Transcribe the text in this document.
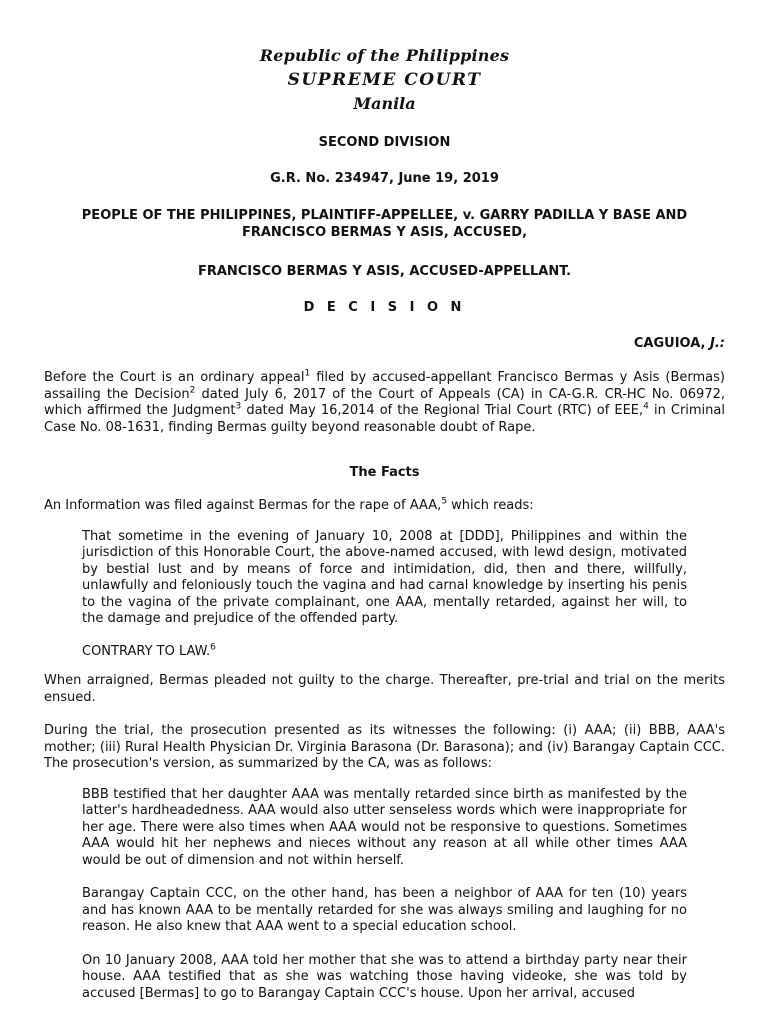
Republic of the Philippines
SUPREME COURT
Manila
SECOND DIVISION
G.R. No. 234947, June 19, 2019
PEOPLE OF THE PHILIPPINES, PLAINTIFF-APPELLEE, v. GARRY PADILLA Y BASE AND FRANCISCO BERMAS Y ASIS, ACCUSED,
FRANCISCO BERMAS Y ASIS, ACCUSED-APPELLANT.
D E C I S I O N
CAGUIOA, J.:

Before the Court is an ordinary appeal$^1$ filed by accused-appellant Francisco Bermas y Asis (Bermas) assailing the Decision$^2$ dated July 6, 2017 of the Court of Appeals (CA) in CA-G.R. CR-HC No. 06972, which affirmed the Judgment$^3$ dated May 16,2014 of the Regional Trial Court (RTC) of EEE,$^4$ in Criminal Case No. 08-1631, finding Bermas guilty beyond reasonable doubt of Rape.

The Facts

An Information was filed against Bermas for the rape of AAA,$^5$ which reads:

That sometime in the evening of January 10, 2008 at [DDD], Philippines and within the jurisdiction of this Honorable Court, the above-named accused, with lewd design, motivated by bestial lust and by means of force and intimidation, did, then and there, willfully, unlawfully and feloniously touch the vagina and had carnal knowledge by inserting his penis to the vagina of the private complainant, one AAA, mentally retarded, against her will, to the damage and prejudice of the offended party.

CONTRARY TO LAW.$^6$

When arraigned, Bermas pleaded not guilty to the charge. Thereafter, pre-trial and trial on the merits ensued.

During the trial, the prosecution presented as its witnesses the following: (i) AAA; (ii) BBB, AAA's mother; (iii) Rural Health Physician Dr. Virginia Barasona (Dr. Barasona); and (iv) Barangay Captain CCC. The prosecution's version, as summarized by the CA, was as follows:

BBB testified that her daughter AAA was mentally retarded since birth as manifested by the latter's hardheadedness. AAA would also utter senseless words which were inappropriate for her age. There were also times when AAA would not be responsive to questions. Sometimes AAA would hit her nephews and nieces without any reason at all while other times AAA would be out of dimension and not within herself.

Barangay Captain CCC, on the other hand, has been a neighbor of AAA for ten (10) years and has known AAA to be mentally retarded for she was always smiling and laughing for no reason. He also knew that AAA went to a special education school.

On 10 January 2008, AAA told her mother that she was to attend a birthday party near their house. AAA testified that as she was watching those having videoke, she was told by accused [Bermas] to go to Barangay Captain CCC's house. Upon her arrival, accused
